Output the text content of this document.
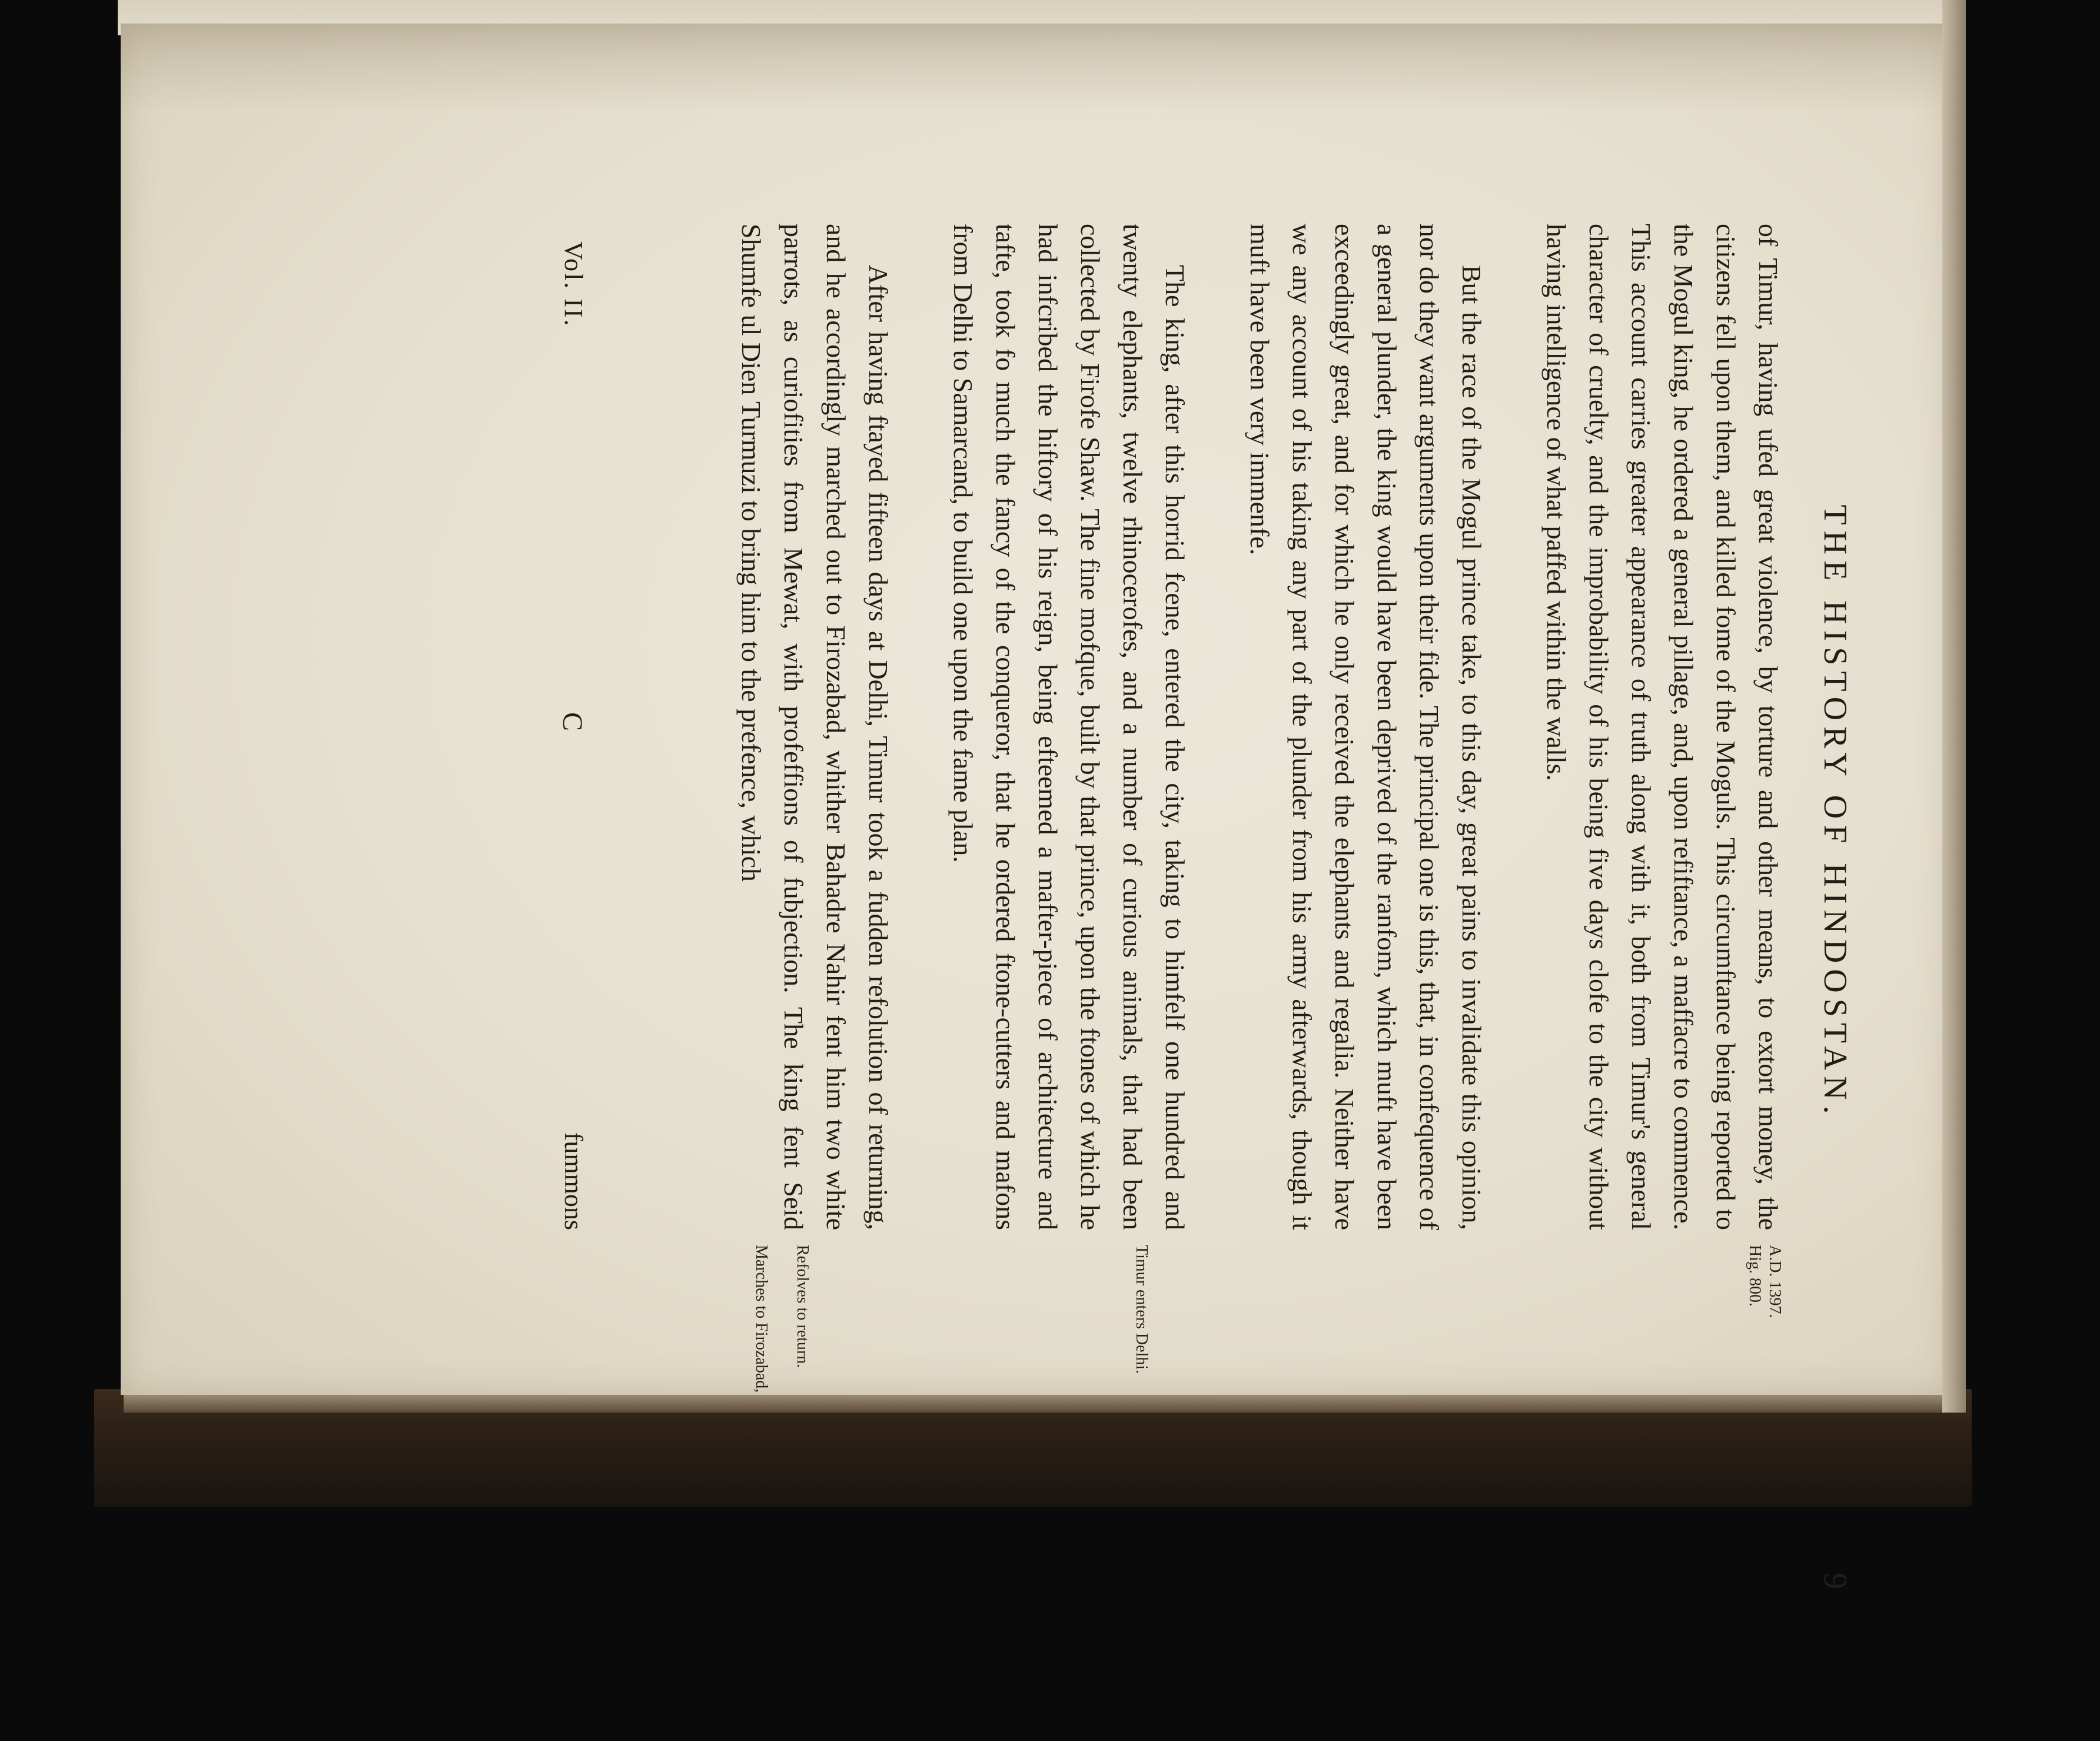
THE HISTORY OF HINDOSTAN.
9

of Timur, having ufed great violence, by torture and other means, to extort money, the citizens fell upon them, and killed fome of the Moguls. This circumftance being reported to the Mogul king, he ordered a general pillage, and, upon refiftance, a maffacre to commence. This account carries greater appearance of truth along with it, both from Timur's general character of cruelty, and the improbability of his being five days clofe to the city without having intelligence of what paffed within the walls.

But the race of the Mogul prince take, to this day, great pains to invalidate this opinion, nor do they want arguments upon their fide. The principal one is this, that, in confequence of a general plunder, the king would have been deprived of the ranfom, which muft have been exceedingly great, and for which he only received the elephants and regalia. Neither have we any account of his taking any part of the plunder from his army afterwards, though it muft have been very immenfe.

The king, after this horrid fcene, entered the city, taking to himfelf one hundred and twenty elephants, twelve rhinocerofes, and a number of curious animals, that had been collected by Firofe Shaw. The fine mofque, built by that prince, upon the ftones of which he had infcribed the hiftory of his reign, being efteemed a mafter-piece of architecture and tafte, took fo much the fancy of the conqueror, that he ordered ftone-cutters and mafons from Delhi to Samarcand, to build one upon the fame plan.

After having ftayed fifteen days at Delhi, Timur took a fudden refolution of returning, and he accordingly marched out to Firozabad, whither Bahadre Nahir fent him two white parrots, as curiofities from Mewat, with profeffions of fubjection. The king fent Seid Shumfe ul Dien Turmuzi to bring him to the prefence, which

A.D. 1397.
Hig. 800.
Timur enters Delhi.
Refolves to return.
Marches to Firozabad,
Vol. II.
C
fummons
